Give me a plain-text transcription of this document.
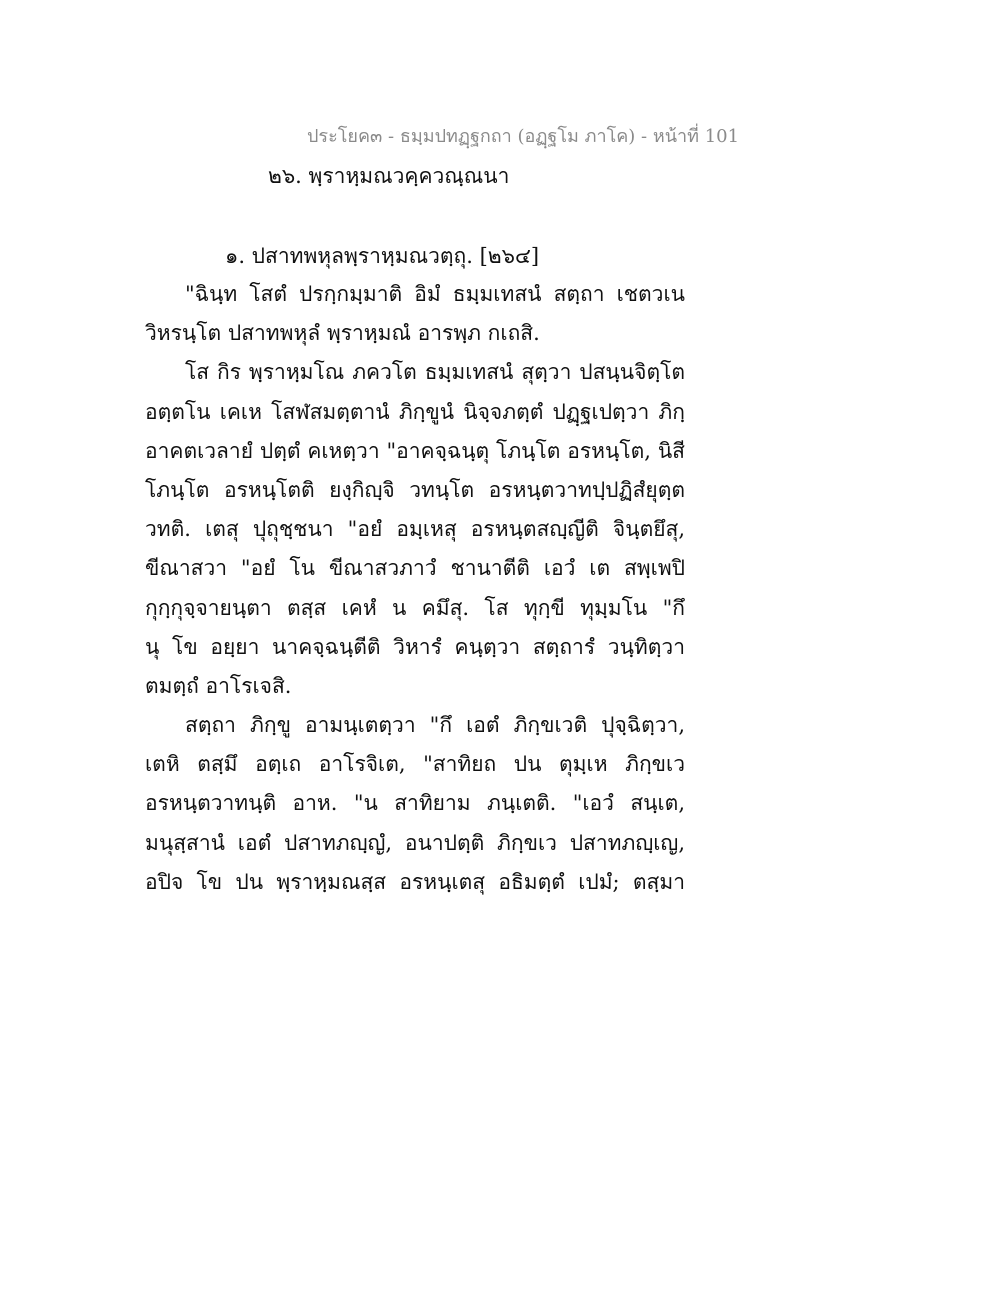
ประโยค๓ - ธมฺมปทฏฺฐกถา (อฏฺฐโม ภาโค) - หน้าที่ 101
๒๖. พฺราหฺมณวคฺควณฺณนา
๑. ปสาทพหุลพฺราหฺมณวตฺถุ. [๒๖๔]

"ฉินฺท โสตํ ปรกฺกมฺมาติ อิมํ ธมฺมเทสนํ สตฺถา เชตวเน
วิหรนฺโต ปสาทพหุลํ พฺราหฺมณํ อารพฺภ กเถสิ.

โส กิร พฺราหฺมโณ ภควโต ธมฺมเทสนํ สุตฺวา ปสนฺนจิตฺโต
อตฺตโน เคเห โสฬสมตฺตานํ ภิกฺขูนํ นิจฺจภตฺตํ ปฏฺฐเปตฺวา ภิกฺ
อาคตเวลายํ ปตฺตํ คเหตฺวา "อาคจฺฉนฺตุ โภนฺโต อรหนฺโต, นิสี
โภนฺโต อรหนฺโตติ ยงฺกิญฺจิ วทนฺโต อรหนฺตวาทปฺปฏิสํยุตฺต
วทติ. เตสุ ปุถุชฺชนา "อยํ อมฺเหสุ อรหนฺตสญฺญีติ จินฺตยึสุ,
ขีณาสวา "อยํ โน ขีณาสวภาวํ ชานาตีติ เอวํ เต สพฺเพปิ
กุกฺกุจฺจายนฺตา ตสฺส เคหํ น คมึสุ. โส ทุกฺขี ทุมฺมโน "กึ
นุ โข อยฺยา นาคจฺฉนฺตีติ วิหารํ คนฺตฺวา สตฺถารํ วนฺทิตฺวา
ตมตฺถํ อาโรเจสิ.

สตฺถา ภิกฺขู อามนฺเตตฺวา "กึ เอตํ ภิกฺขเวติ ปุจฺฉิตฺวา,
เตหิ ตสฺมึ อตฺเถ อาโรจิเต, "สาทิยถ ปน ตุมฺเห ภิกฺขเว
อรหนฺตวาทนฺติ อาห. "น สาทิยาม ภนฺเตติ. "เอวํ สนฺเต,
มนุสฺสานํ เอตํ ปสาทภญฺญํ, อนาปตฺติ ภิกฺขเว ปสาทภญฺเญ,
อปิจ โข ปน พฺราหฺมณสฺส อรหนฺเตสุ อธิมตฺตํ เปมํ; ตสฺมา
